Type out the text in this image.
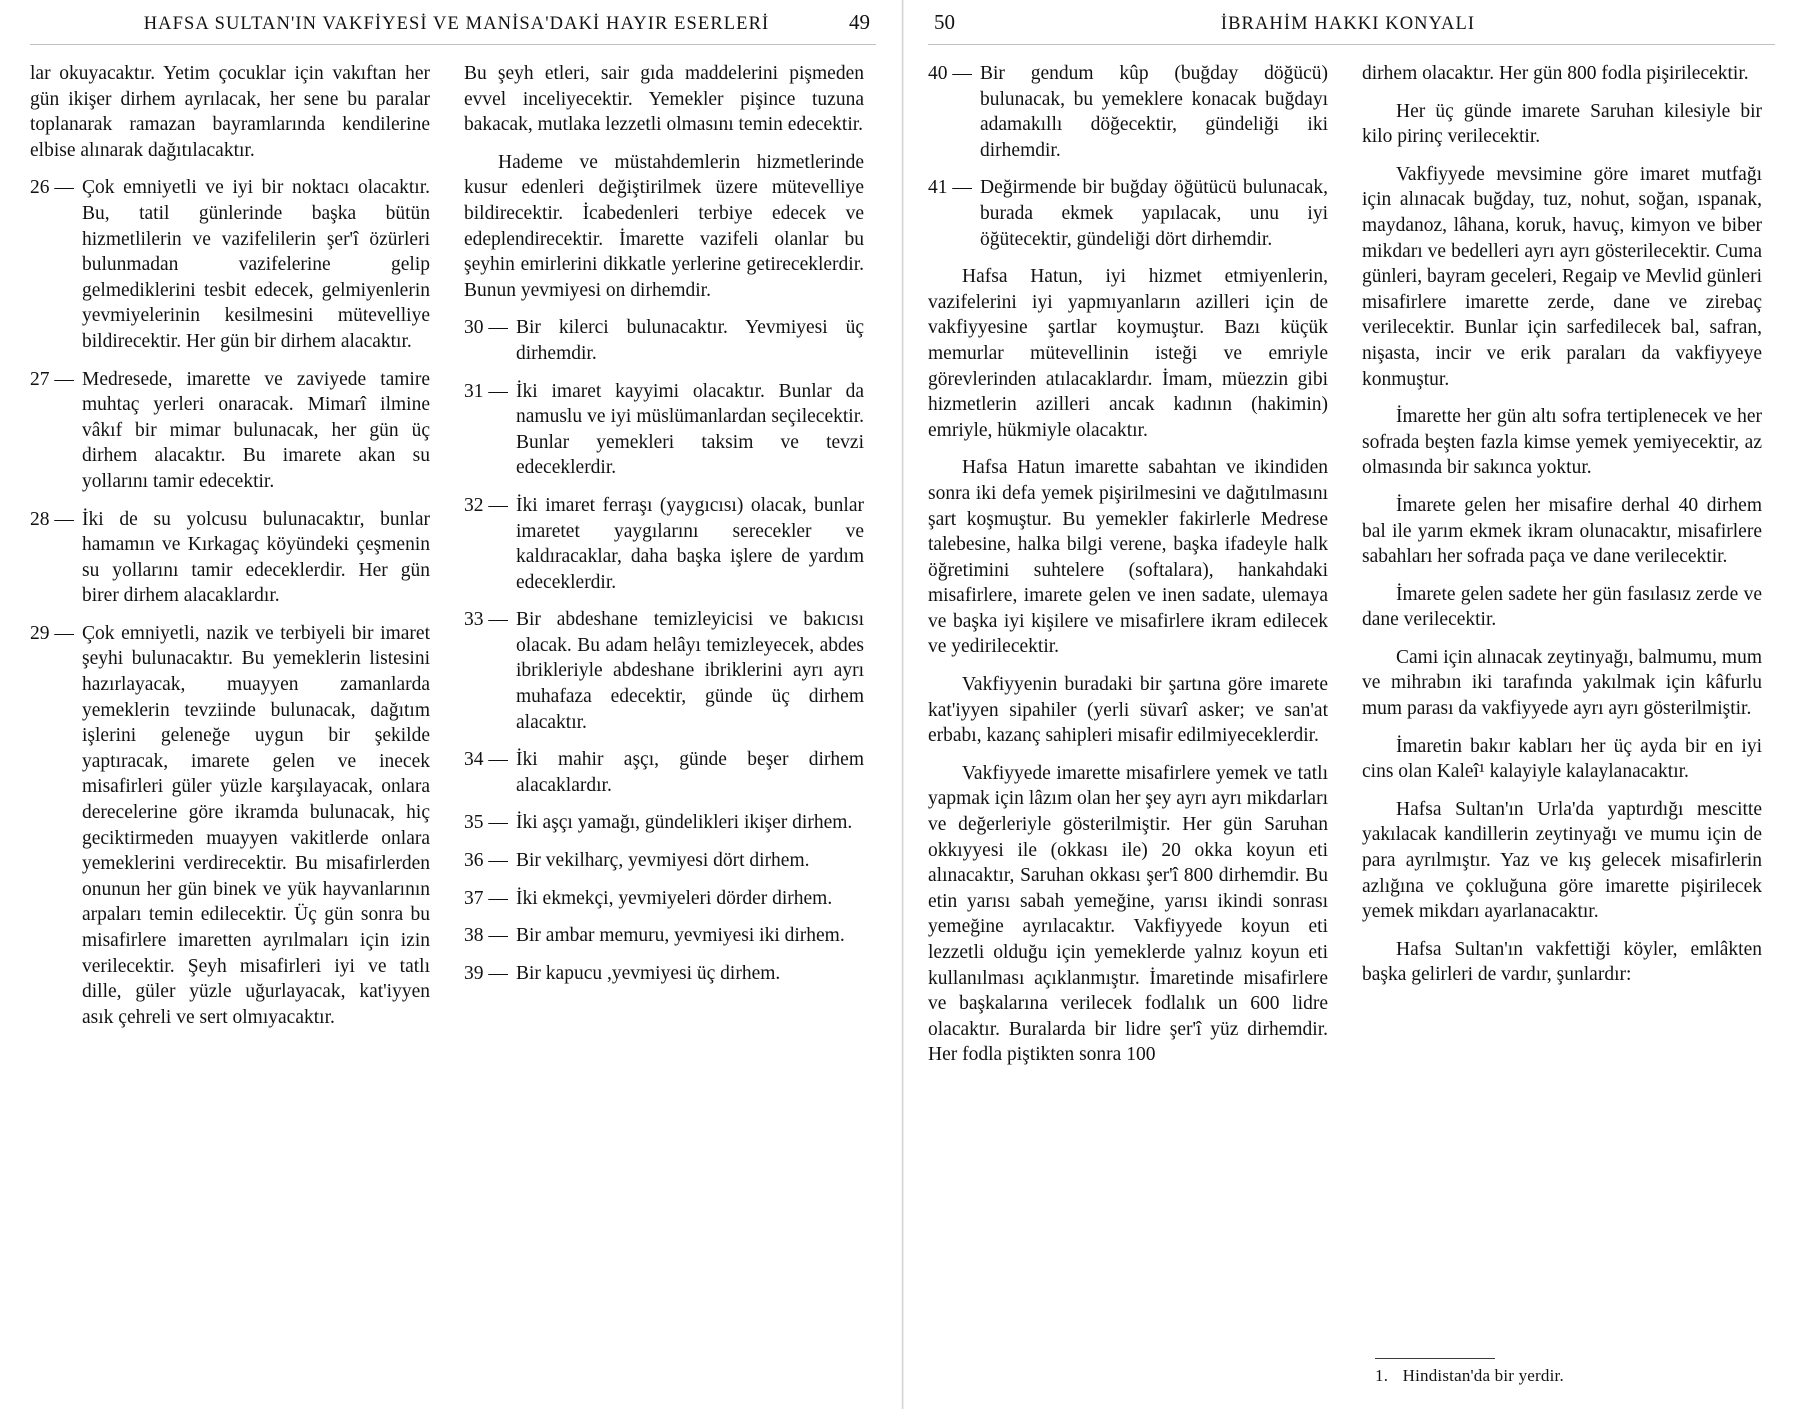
HAFSA SULTAN'IN VAKFİYESİ VE MANİSA'DAKİ HAYIR ESERLERİ	49

lar okuyacaktır. Yetim çocuklar için vakıftan her gün ikişer dirhem ayrılacak, her sene bu paralar toplanarak ramazan bayramlarında kendilerine elbise alınarak dağıtılacaktır.

26 — Çok emniyetli ve iyi bir noktacı olacaktır. Bu, tatil günlerinde başka bütün hizmetlilerin ve vazifelilerin şer'î özürleri bulunmadan vazifelerine gelip gelmediklerini tesbit edecek, gelmiyenlerin yevmiyelerinin kesilmesini mütevelliye bildirecektir. Her gün bir dirhem alacaktır.
27 — Medresede, imarette ve zaviyede tamire muhtaç yerleri onaracak. Mimarî ilmine vâkıf bir mimar bulunacak, her gün üç dirhem alacaktır. Bu imarete akan su yollarını tamir edecektir.
28 — İki de su yolcusu bulunacaktır, bunlar hamamın ve Kırkagaç köyündeki çeşmenin su yollarını tamir edeceklerdir. Her gün birer dirhem alacaklardır.
29 — Çok emniyetli, nazik ve terbiyeli bir imaret şeyhi bulunacaktır. Bu yemeklerin listesini hazırlayacak, muayyen zamanlarda yemeklerin tevziinde bulunacak, dağıtım işlerini geleneğe uygun bir şekilde yaptıracak, imarete gelen ve inecek misafirleri güler yüzle karşılayacak, onlara derecelerine göre ikramda bulunacak, hiç geciktirmeden muayyen vakitlerde onlara yemeklerini verdirecektir. Bu misafirlerden onunun her gün binek ve yük hayvanlarının arpaları temin edilecektir. Üç gün sonra bu misafirlere imaretten ayrılmaları için izin verilecektir. Şeyh misafirleri iyi ve tatlı dille, güler yüzle uğurlayacak, kat'iyyen asık çehreli ve sert olmıyacaktır.

Bu şeyh etleri, sair gıda maddelerini pişmeden evvel inceliyecektir. Yemekler pişince tuzuna bakacak, mutlaka lezzetli olmasını temin edecektir.

Hademe ve müstahdemlerin hizmetlerinde kusur edenleri değiştirilmek üzere mütevelliye bildirecektir. İcabedenleri terbiye edecek ve edeplendirecektir. İmarette vazifeli olanlar bu şeyhin emirlerini dikkatle yerlerine getireceklerdir. Bunun yevmiyesi on dirhemdir.

30 — Bir kilerci bulunacaktır. Yevmiyesi üç dirhemdir.
31 — İki imaret kayyimi olacaktır. Bunlar da namuslu ve iyi müslümanlardan seçilecektir. Bunlar yemekleri taksim ve tevzi edeceklerdir.
32 — İki imaret ferraşı (yaygıcısı) olacak, bunlar imaretet yaygılarını serecekler ve kaldıracaklar, daha başka işlere de yardım edeceklerdir.
33 — Bir abdeshane temizleyicisi ve bakıcısı olacak. Bu adam helâyı temizleyecek, abdes ibrikleriyle abdeshane ibriklerini ayrı ayrı muhafaza edecektir, günde üç dirhem alacaktır.
34 — İki mahir aşçı, günde beşer dirhem alacaklardır.
35 — İki aşçı yamağı, gündelikleri ikişer dirhem.
36 — Bir vekilharç, yevmiyesi dört dirhem.
37 — İki ekmekçi, yevmiyeleri dörder dirhem.
38 — Bir ambar memuru, yevmiyesi iki dirhem.
39 — Bir kapucu ,yevmiyesi üç dirhem.
50	İBRAHİM HAKKI KONYALI
40 — Bir gendum kûp (buğday döğücü) bulunacak, bu yemeklere konacak buğdayı adamakıllı döğecektir, gündeliği iki dirhemdir.
41 — Değirmende bir buğday öğütücü bulunacak, burada ekmek yapılacak, unu iyi öğütecektir, gündeliği dört dirhemdir.

Hafsa Hatun, iyi hizmet etmiyenlerin, vazifelerini iyi yapmıyanların azilleri için de vakfiyyesine şartlar koymuştur. Bazı küçük memurlar mütevellinin isteği ve emriyle görevlerinden atılacaklardır. İmam, müezzin gibi hizmetlerin azilleri ancak kadının (hakimin) emriyle, hükmiyle olacaktır.

Hafsa Hatun imarette sabahtan ve ikindiden sonra iki defa yemek pişirilmesini ve dağıtılmasını şart koşmuştur. Bu yemekler fakirlerle Medrese talebesine, halka bilgi verene, başka ifadeyle halk öğretimini suhtelere (softalara), hankahdaki misafirlere, imarete gelen ve inen sadate, ulemaya ve başka iyi kişilere ve misafirlere ikram edilecek ve yedirilecektir.

Vakfiyyenin buradaki bir şartına göre imarete kat'iyyen sipahiler (yerli süvarî asker; ve san'at erbabı, kazanç sahipleri misafir edilmiyeceklerdir.

Vakfiyyede imarette misafirlere yemek ve tatlı yapmak için lâzım olan her şey ayrı ayrı mikdarları ve değerleriyle gösterilmiştir. Her gün Saruhan okkıyyesi ile (okkası ile) 20 okka koyun eti alınacaktır, Saruhan okkası şer'î 800 dirhemdir. Bu etin yarısı sabah yemeğine, yarısı ikindi sonrası yemeğine ayrılacaktır. Vakfiyyede koyun eti lezzetli olduğu için yemeklerde yalnız koyun eti kullanılması açıklanmıştır. İmaretinde misafirlere ve başkalarına verilecek fodlalık un 600 lidre olacaktır. Buralarda bir lidre şer'î yüz dirhemdir. Her fodla piştikten sonra 100

dirhem olacaktır. Her gün 800 fodla pişirilecektir.

Her üç günde imarete Saruhan kilesiyle bir kilo pirinç verilecektir.

Vakfiyyede mevsimine göre imaret mutfağı için alınacak buğday, tuz, nohut, soğan, ıspanak, maydanoz, lâhana, koruk, havuç, kimyon ve biber mikdarı ve bedelleri ayrı ayrı gösterilecektir. Cuma günleri, bayram geceleri, Regaip ve Mevlid günleri misafirlere imarette zerde, dane ve zirebaç verilecektir. Bunlar için sarfedilecek bal, safran, nişasta, incir ve erik paraları da vakfiyyeye konmuştur.

İmarette her gün altı sofra tertiplenecek ve her sofrada beşten fazla kimse yemek yemiyecektir, az olmasında bir sakınca yoktur.

İmarete gelen her misafire derhal 40 dirhem bal ile yarım ekmek ikram olunacaktır, misafirlere sabahları her sofrada paça ve dane verilecektir.

İmarete gelen sadete her gün fasılasız zerde ve dane verilecektir.

Cami için alınacak zeytinyağı, balmumu, mum ve mihrabın iki tarafında yakılmak için kâfurlu mum parası da vakfiyyede ayrı ayrı gösterilmiştir.

İmaretin bakır kabları her üç ayda bir en iyi cins olan Kaleî¹ kalayiyle kalaylanacaktır.

Hafsa Sultan'ın Urla'da yaptırdığı mescitte yakılacak kandillerin zeytinyağı ve mumu için de para ayrılmıştır. Yaz ve kış gelecek misafirlerin azlığına ve çokluğuna göre imarette pişirilecek yemek mikdarı ayarlanacaktır.

Hafsa Sultan'ın vakfettiği köyler, emlâkten başka gelirleri de vardır, şunlardır:

1. Hindistan'da bir yerdir.
